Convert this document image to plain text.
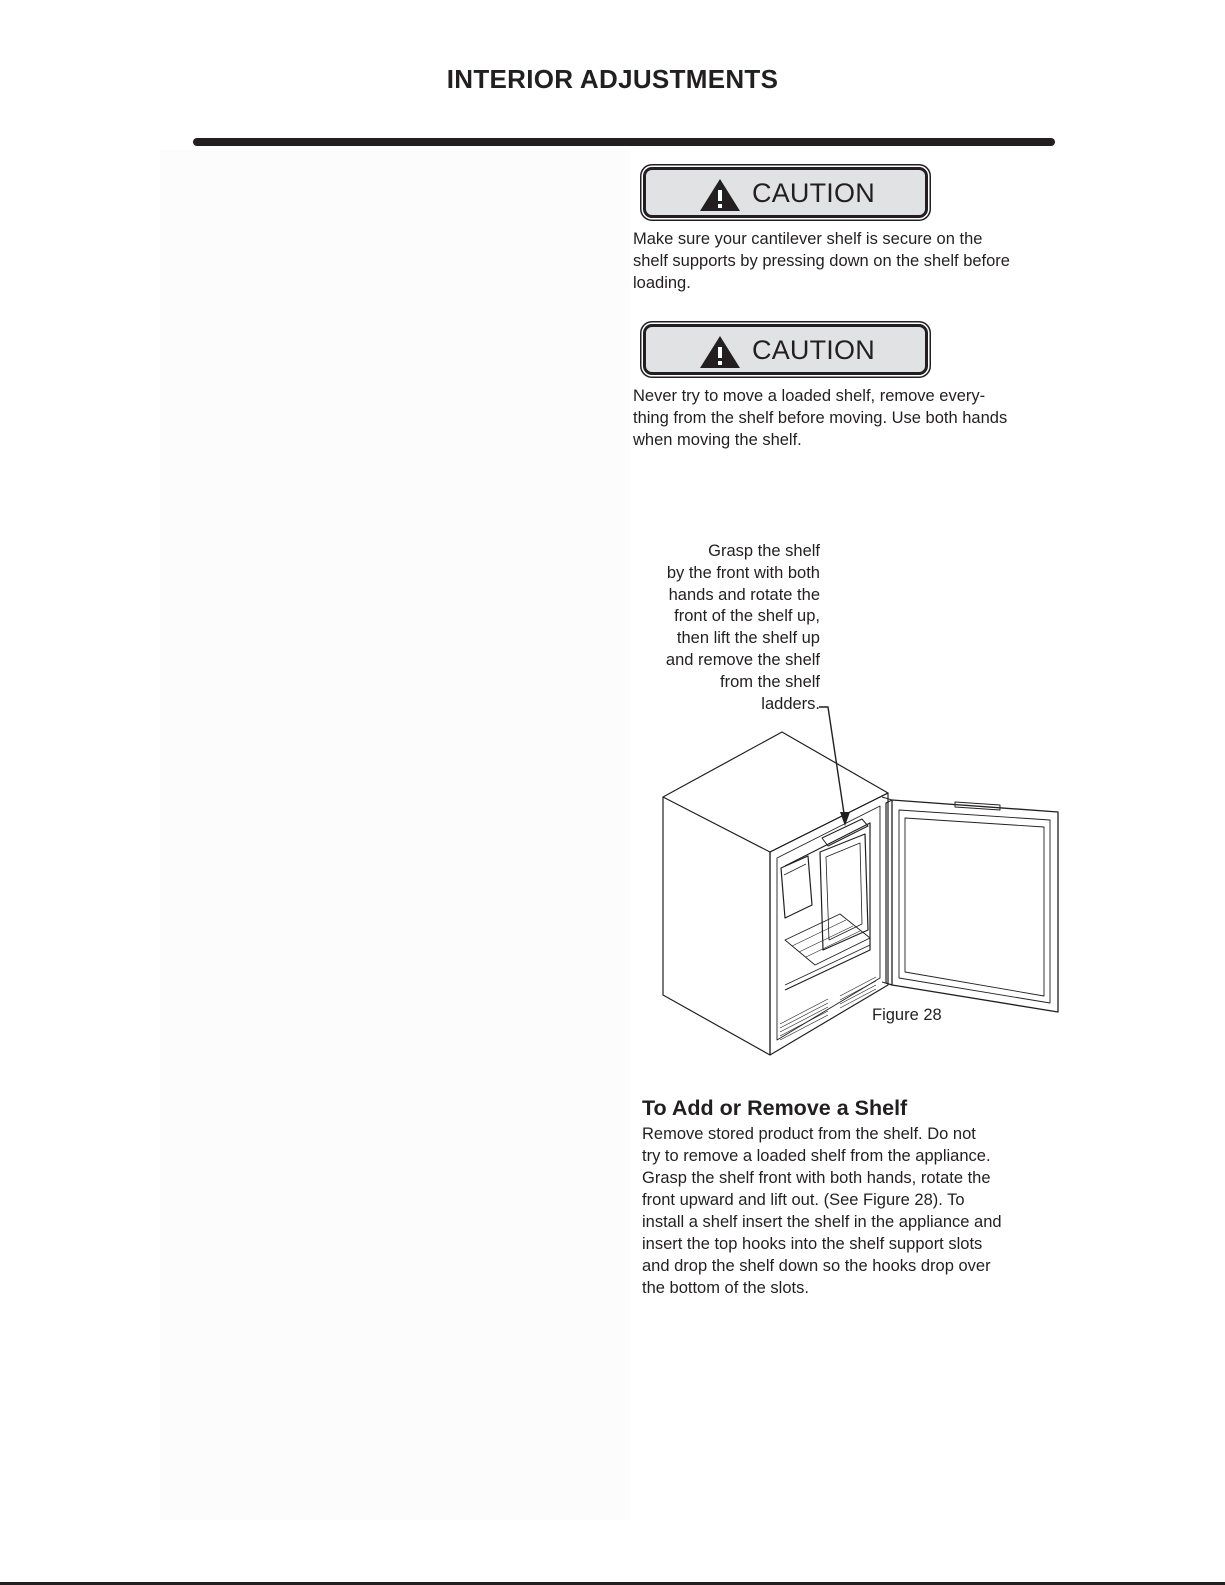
INTERIOR ADJUSTMENTS
CAUTION

Make sure your cantilever shelf is secure on the
shelf supports by pressing down on the shelf before
loading.

CAUTION

Never try to move a loaded shelf, remove every-
thing from the shelf before moving. Use both hands
when moving the shelf.

Grasp the shelf
by the front with both
hands and rotate the
front of the shelf up,
then lift the shelf up
and remove the shelf
from the shelf
ladders.

Figure 28
To Add or Remove a Shelf

Remove stored product from the shelf. Do not
try to remove a loaded shelf from the appliance.
Grasp the shelf front with both hands, rotate the
front upward and lift out. (See Figure 28). To
install a shelf insert the shelf in the appliance and
insert the top hooks into the shelf support slots
and drop the shelf down so the hooks drop over
the bottom of the slots.
